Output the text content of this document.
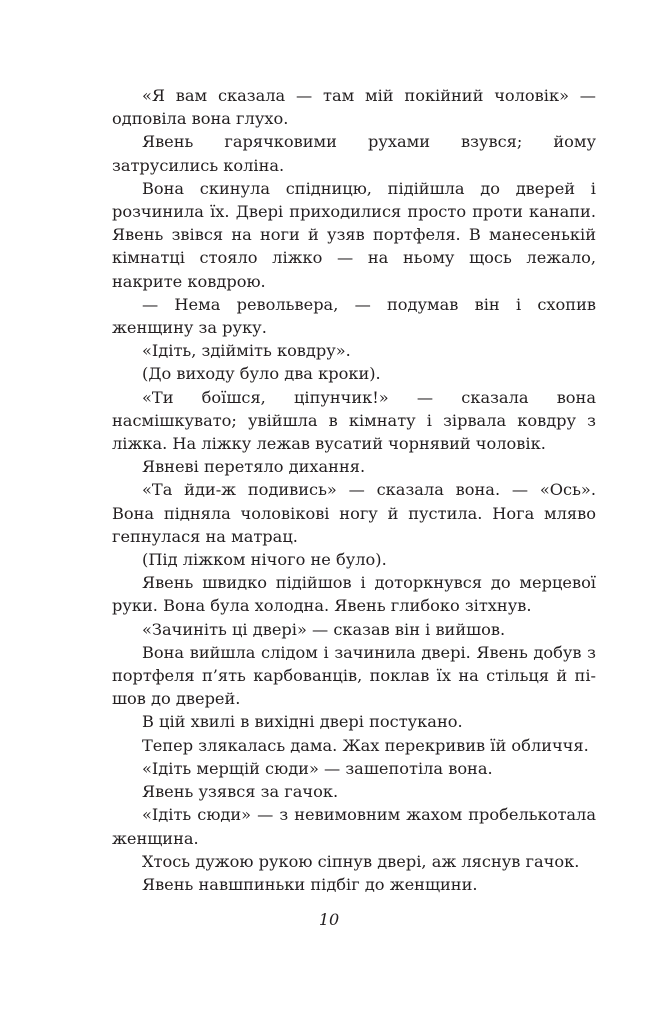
«Я вам сказала — там мій покійний чоловік» — одповіла вона глухо.

Явень гарячковими рухами взувся; йому затрусились коліна.

Вона скинула спідницю, підійшла до дверей і розчинила їх. Двері приходилися просто проти канапи. Явень звівся на ноги й узяв портфеля. В манесенькій кімнатці стояло ліжко — на ньому щось лежало, накрите ковдрою.

— Нема револьвера, — подумав він і схопив женщину за руку.

«Ідіть, здійміть ковдру».

(До виходу було два кроки).

«Ти боїшся, ціпунчик!» — сказала вона насмішкувато; увійшла в кімнату і зірвала ковдру з ліжка. На ліжку лежав вусатий чорнявий чоловік.

Явневі перетяло дихання.

«Та йди-ж подивись» — сказала вона. — «Ось». Вона підняла чоловікові ногу й пустила. Нога мляво гепнулася на матрац.

(Під ліжком нічого не було).

Явень швидко підійшов і доторкнувся до мерцевої руки. Вона була холодна. Явень глибоко зітхнув.

«Зачиніть ці двері» — сказав він і вийшов.

Вона вийшла слідом і зачинила двері. Явень добув з портфеля п’ять карбованців, поклав їх на стільця й пі-шов до дверей.

В цій хвилі в вихідні двері постукано.

Тепер злякалась дама. Жах перекривив їй обличчя.

«Ідіть мерщій сюди» — зашепотіла вона.

Явень узявся за гачок.

«Ідіть сюди» — з невимовним жахом пробелькотала женщина.

Хтось дужою рукою сіпнув двері, аж ляснув гачок.

Явень навшпиньки підбіг до женщини.

10
